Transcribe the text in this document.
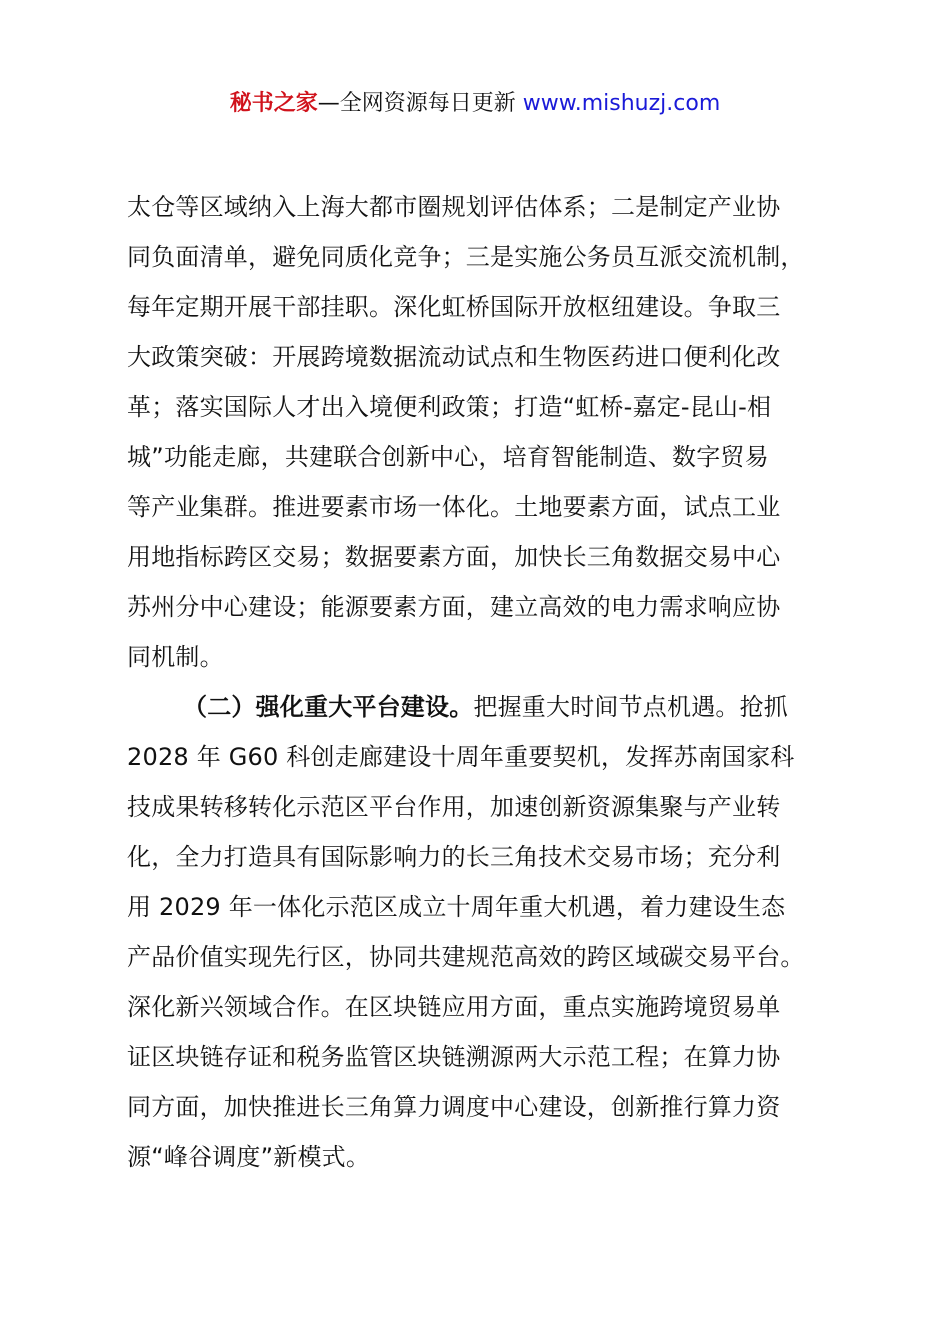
秘书之家—全网资源每日更新 www.mishuzj.com
太仓等区域纳入上海大都市圈规划评估体系；二是制定产业协
同负面清单，避免同质化竞争；三是实施公务员互派交流机制，
每年定期开展干部挂职。深化虹桥国际开放枢纽建设。争取三
大政策突破：开展跨境数据流动试点和生物医药进口便利化改
革；落实国际人才出入境便利政策；打造“虹桥-嘉定-昆山-相
城”功能走廊，共建联合创新中心，培育智能制造、数字贸易
等产业集群。推进要素市场一体化。土地要素方面，试点工业
用地指标跨区交易；数据要素方面，加快长三角数据交易中心
苏州分中心建设；能源要素方面，建立高效的电力需求响应协
同机制。
（二）强化重大平台建设。把握重大时间节点机遇。抢抓
2028 年 G60 科创走廊建设十周年重要契机，发挥苏南国家科
技成果转移转化示范区平台作用，加速创新资源集聚与产业转
化，全力打造具有国际影响力的长三角技术交易市场；充分利
用 2029 年一体化示范区成立十周年重大机遇，着力建设生态
产品价值实现先行区，协同共建规范高效的跨区域碳交易平台。
深化新兴领域合作。在区块链应用方面，重点实施跨境贸易单
证区块链存证和税务监管区块链溯源两大示范工程；在算力协
同方面，加快推进长三角算力调度中心建设，创新推行算力资
源“峰谷调度”新模式。
